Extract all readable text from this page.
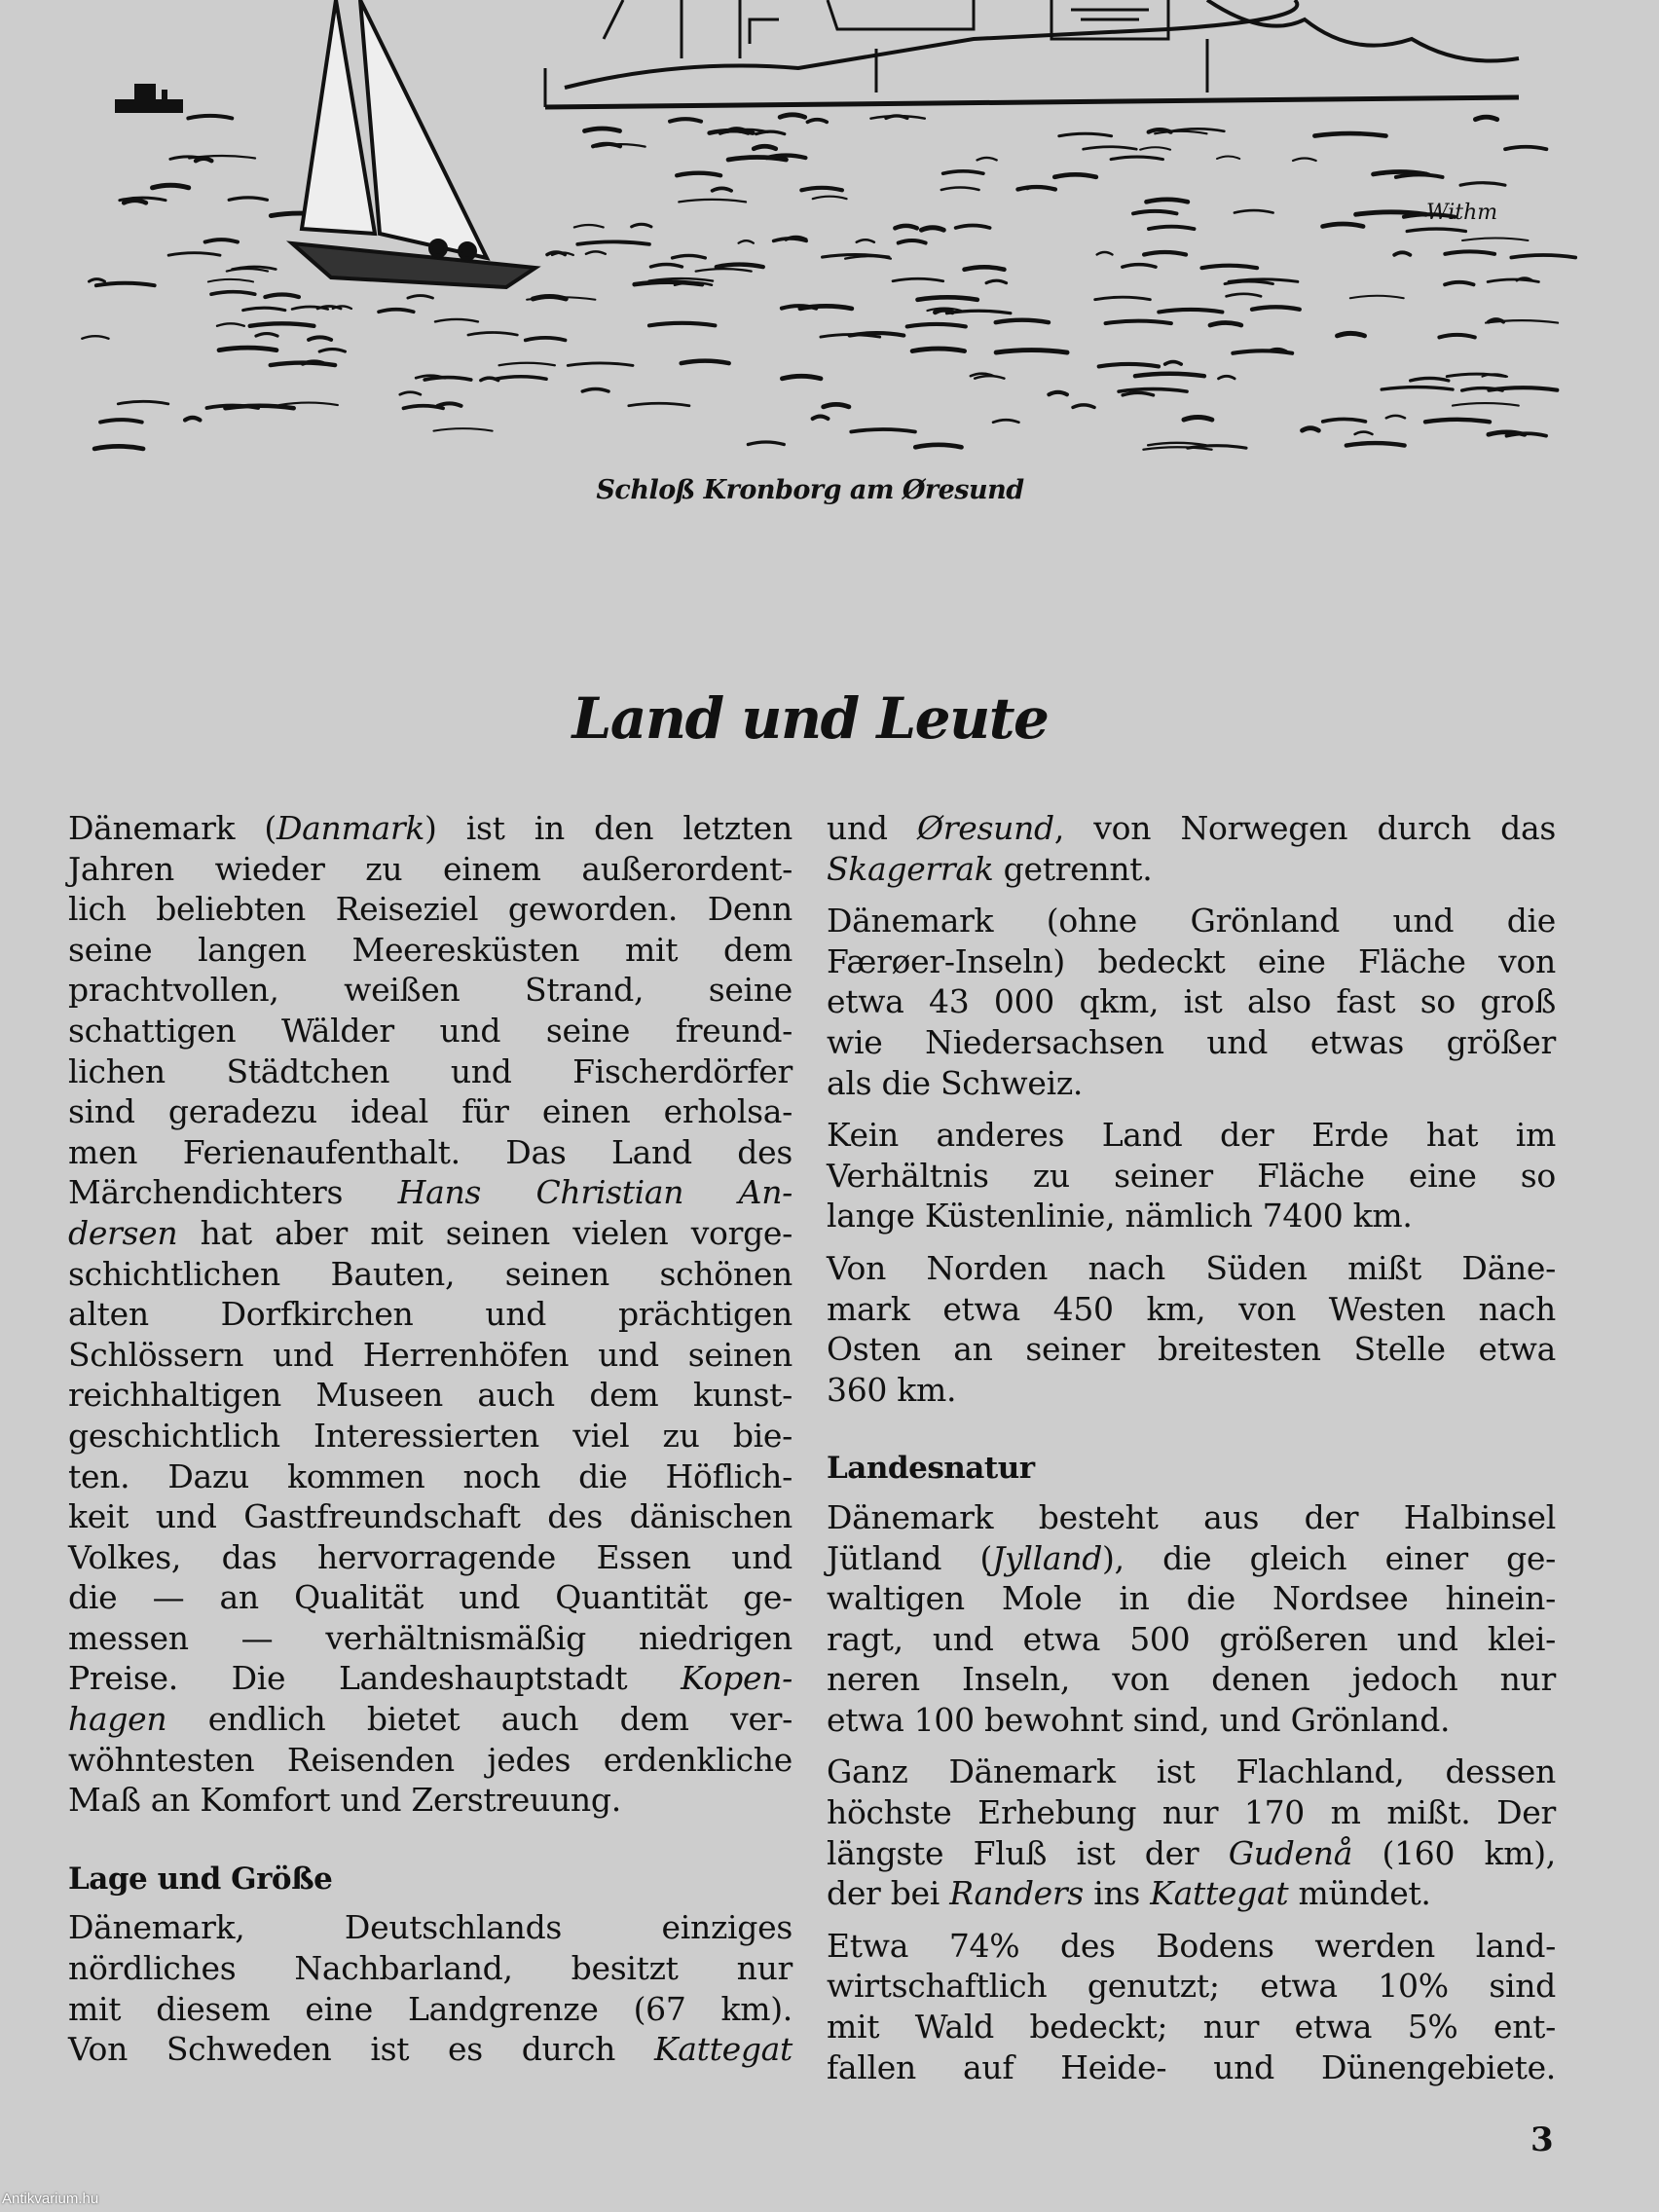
Withm
Schloß Kronborg am Øresund
Land und Leute
Dänemark (Danmark) ist in den letzten
Jahren wieder zu einem außerordent-
lich beliebten Reiseziel geworden. Denn
seine langen Meeresküsten mit dem
prachtvollen, weißen Strand, seine
schattigen Wälder und seine freund-
lichen Städtchen und Fischerdörfer
sind geradezu ideal für einen erholsa-
men Ferienaufenthalt. Das Land des
Märchendichters Hans Christian An-
dersen hat aber mit seinen vielen vorge-
schichtlichen Bauten, seinen schönen
alten Dorfkirchen und prächtigen
Schlössern und Herrenhöfen und seinen
reichhaltigen Museen auch dem kunst-
geschichtlich Interessierten viel zu bie-
ten. Dazu kommen noch die Höflich-
keit und Gastfreundschaft des dänischen
Volkes, das hervorragende Essen und
die — an Qualität und Quantität ge-
messen — verhältnismäßig niedrigen
Preise. Die Landeshauptstadt Kopen-
hagen endlich bietet auch dem ver-
wöhntesten Reisenden jedes erdenkliche
Maß an Komfort und Zerstreuung.
Lage und Größe
Dänemark, Deutschlands einziges
nördliches Nachbarland, besitzt nur
mit diesem eine Landgrenze (67 km).
Von Schweden ist es durch Kattegat
und Øresund, von Norwegen durch das
Skagerrak getrennt.
Dänemark (ohne Grönland und die
Færøer-Inseln) bedeckt eine Fläche von
etwa 43 000 qkm, ist also fast so groß
wie Niedersachsen und etwas größer
als die Schweiz.
Kein anderes Land der Erde hat im
Verhältnis zu seiner Fläche eine so
lange Küstenlinie, nämlich 7400 km.
Von Norden nach Süden mißt Däne-
mark etwa 450 km, von Westen nach
Osten an seiner breitesten Stelle etwa
360 km.
Landesnatur
Dänemark besteht aus der Halbinsel
Jütland (Jylland), die gleich einer ge-
waltigen Mole in die Nordsee hinein-
ragt, und etwa 500 größeren und klei-
neren Inseln, von denen jedoch nur
etwa 100 bewohnt sind, und Grönland.
Ganz Dänemark ist Flachland, dessen
höchste Erhebung nur 170 m mißt. Der
längste Fluß ist der Gudenå (160 km),
der bei Randers ins Kattegat mündet.
Etwa 74% des Bodens werden land-
wirtschaftlich genutzt; etwa 10% sind
mit Wald bedeckt; nur etwa 5% ent-
fallen auf Heide- und Dünengebiete.
3
Antikvarium.hu
